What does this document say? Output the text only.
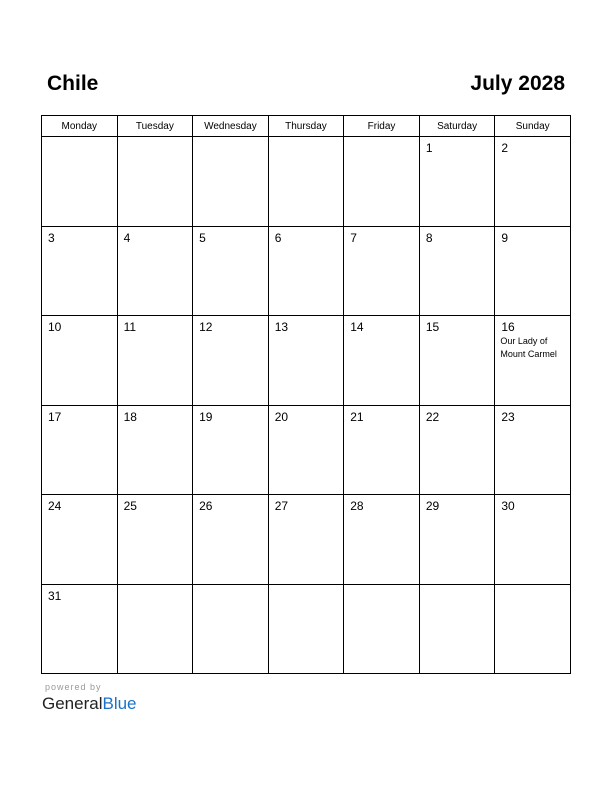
Chile	July 2028
Monday	Tuesday	Wednesday	Thursday	Friday	Saturday	Sunday

					1	2

3	4	5	6	7	8	9

10	11	12	13	14	15	16
Our Lady of Mount Carmel

17	18	19	20	21	22	23

24	25	26	27	28	29	30

31						

powered by
GeneralBlue
